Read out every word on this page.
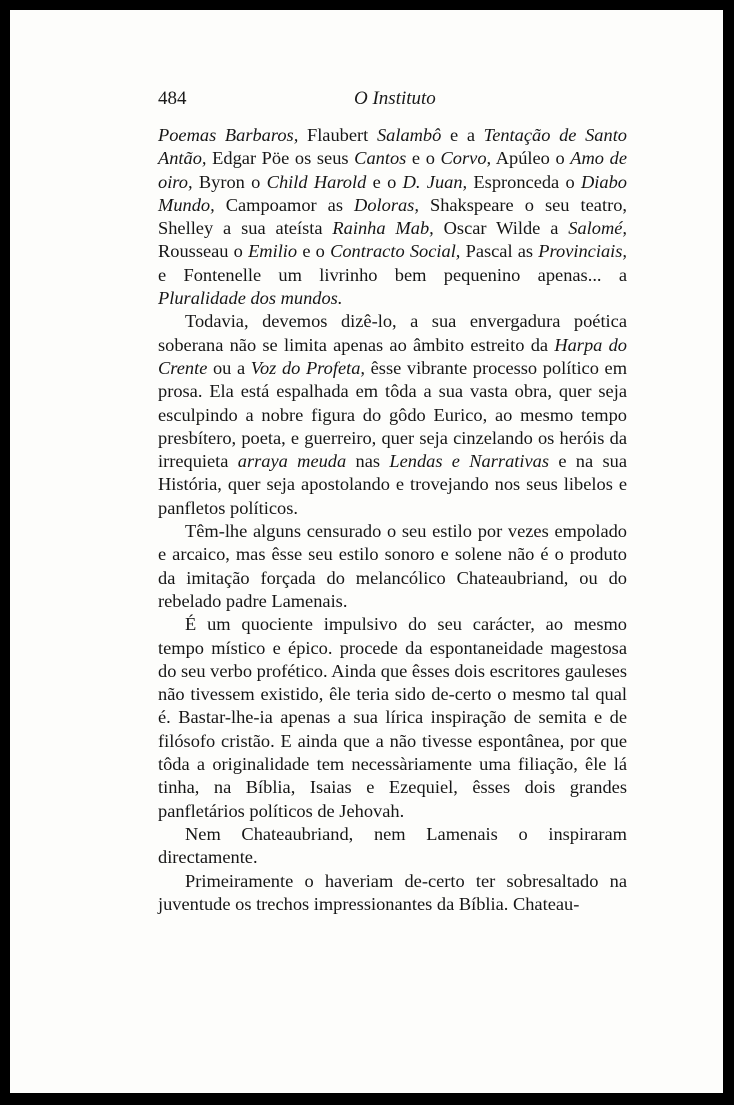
484	O Instituto

Poemas Barbaros, Flaubert Salambô e a Tentação de Santo Antão, Edgar Pöe os seus Cantos e o Corvo, Apúleo o Amo de oiro, Byron o Child Harold e o D. Juan, Espronceda o Diabo Mundo, Campoamor as Doloras, Shakspeare o seu teatro, Shelley a sua ateísta Rainha Mab, Oscar Wilde a Salomé, Rousseau o Emilio e o Contracto Social, Pascal as Provinciais, e Fontenelle um livrinho bem pequenino apenas... a Pluralidade dos mundos.

Todavia, devemos dizê-lo, a sua envergadura poética soberana não se limita apenas ao âmbito estreito da Harpa do Crente ou a Voz do Profeta, êsse vibrante processo político em prosa. Ela está espalhada em tôda a sua vasta obra, quer seja esculpindo a nobre figura do gôdo Eurico, ao mesmo tempo presbítero, poeta, e guerreiro, quer seja cinzelando os heróis da irrequieta arraya meuda nas Lendas e Narrativas e na sua História, quer seja apostolando e trovejando nos seus libelos e panfletos políticos.

Têm-lhe alguns censurado o seu estilo por vezes empolado e arcaico, mas êsse seu estilo sonoro e solene não é o produto da imitação forçada do melancólico Chateaubriand, ou do rebelado padre Lamenais.

É um quociente impulsivo do seu carácter, ao mesmo tempo místico e épico. procede da espontaneidade magestosa do seu verbo profético. Ainda que êsses dois escritores gauleses não tivessem existido, êle teria sido de-certo o mesmo tal qual é. Bastar-lhe-ia apenas a sua lírica inspiração de semita e de filósofo cristão. E ainda que a não tivesse espontânea, por que tôda a originalidade tem necessàriamente uma filiação, êle lá tinha, na Bíblia, Isaias e Ezequiel, êsses dois grandes panfletários políticos de Jehovah.

Nem Chateaubriand, nem Lamenais o inspiraram directamente.

Primeiramente o haveriam de-certo ter sobresaltado na juventude os trechos impressionantes da Bíblia. Chateau-
